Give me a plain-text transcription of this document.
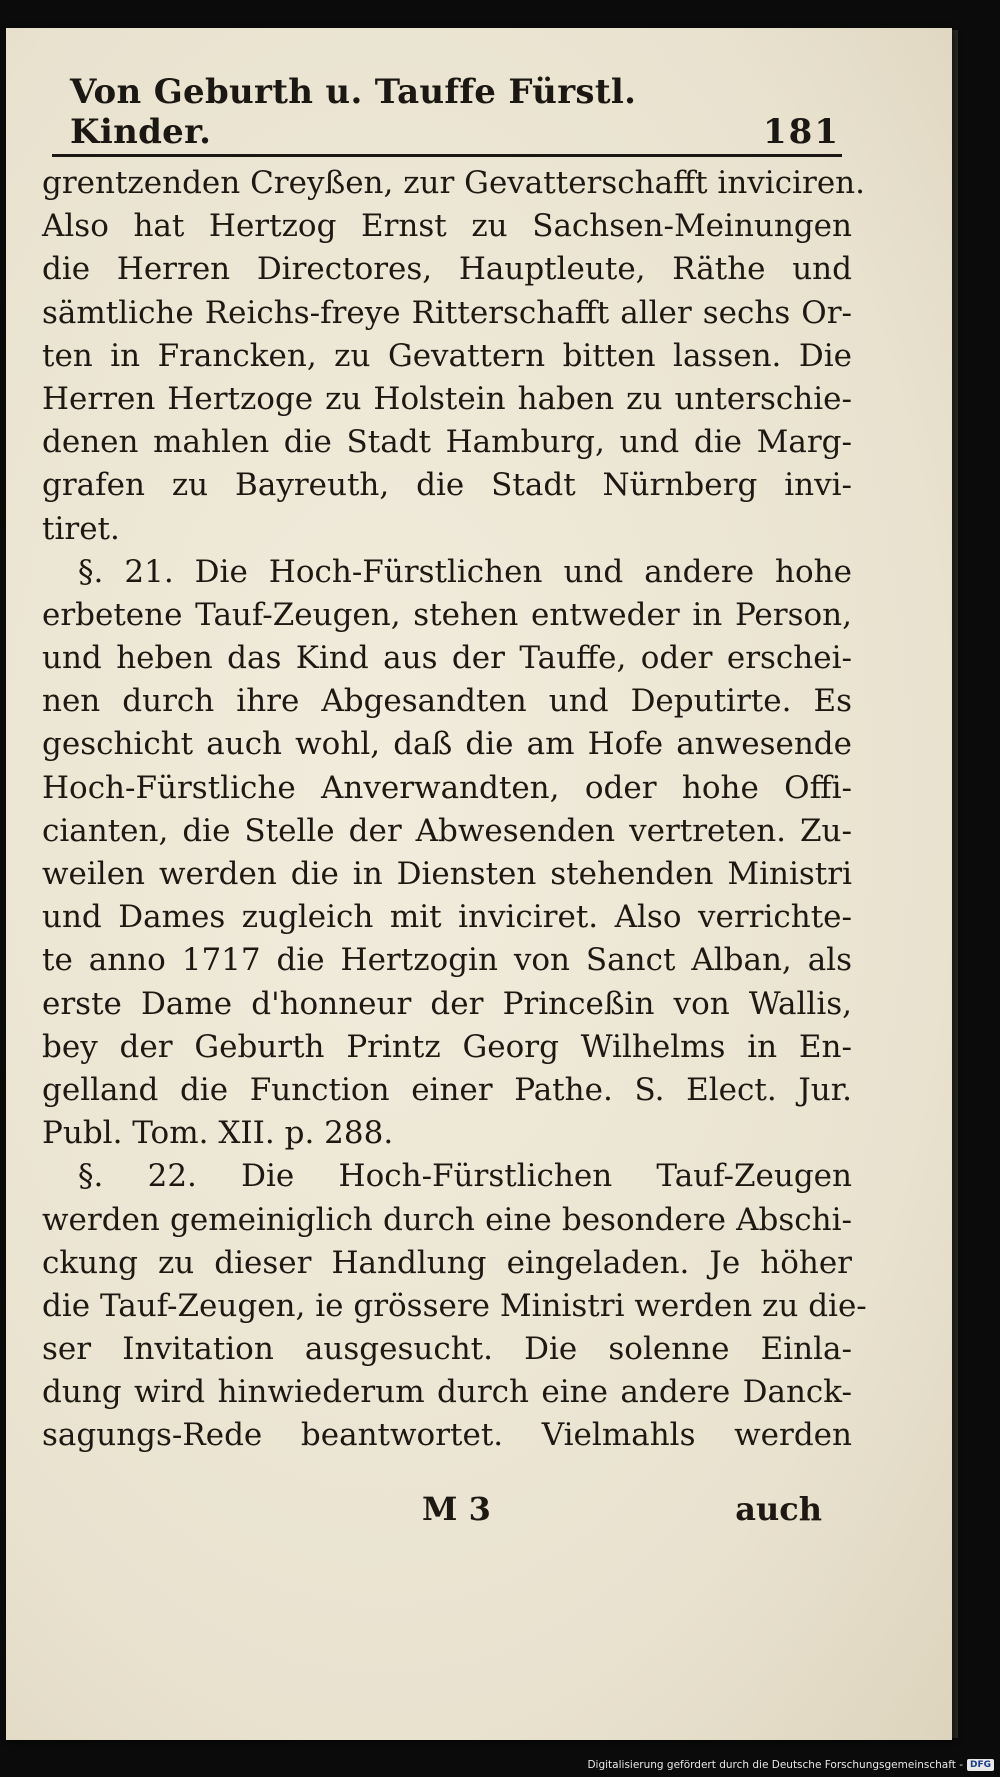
Von Geburth u. Tauffe Fürstl. Kinder.	181
grentzenden Creyßen, zur Gevatterschafft inviciren.
Also hat Hertzog Ernst zu Sachsen-Meinungen
die Herren Directores, Hauptleute, Räthe und
sämtliche Reichs-freye Ritterschafft aller sechs Or-
ten in Francken, zu Gevattern bitten lassen. Die
Herren Hertzoge zu Holstein haben zu unterschie-
denen mahlen die Stadt Hamburg, und die Marg-
grafen zu Bayreuth, die Stadt Nürnberg invi-
tiret.
§. 21. Die Hoch-Fürstlichen und andere hohe
erbetene Tauf-Zeugen, stehen entweder in Person,
und heben das Kind aus der Tauffe, oder erschei-
nen durch ihre Abgesandten und Deputirte. Es
geschicht auch wohl, daß die am Hofe anwesende
Hoch-Fürstliche Anverwandten, oder hohe Offi-
cianten, die Stelle der Abwesenden vertreten. Zu-
weilen werden die in Diensten stehenden Ministri
und Dames zugleich mit inviciret. Also verrichte-
te anno 1717 die Hertzogin von Sanct Alban, als
erste Dame d'honneur der Princeßin von Wallis,
bey der Geburth Printz Georg Wilhelms in En-
gelland die Function einer Pathe. S. Elect. Jur.
Publ. Tom. XII. p. 288.
§. 22. Die Hoch-Fürstlichen Tauf-Zeugen
werden gemeiniglich durch eine besondere Abschi-
ckung zu dieser Handlung eingeladen. Je höher
die Tauf-Zeugen, ie grössere Ministri werden zu die-
ser Invitation ausgesucht. Die solenne Einla-
dung wird hinwiederum durch eine andere Danck-
sagungs-Rede beantwortet. Vielmahls werden
M 3	auch
Digitalisierung gefördert durch die Deutsche Forschungsgemeinschaft - DFG
